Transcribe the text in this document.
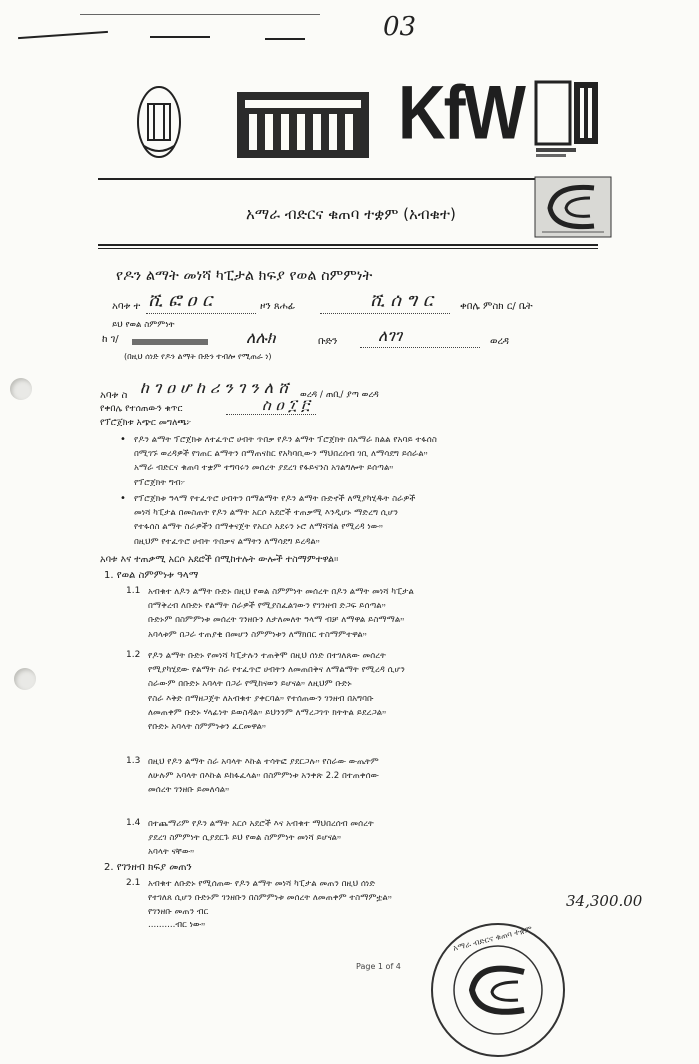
03
KfW
አማራ ብድርና ቁጠባ ተቋም (አብቁተ)
የዶን ልማት መነሻ ካፒታል ክፍያ የወል ስምምነት
አባቱ ተ ሺ ፎ ዐ ር	ዞን ጸሐፊ	ሺ ሰ ግ ር	ቀበሌ ምስክ ር/ ቤት
ይህ የወል ስምምነት
ከ ገ/	ለሉክ	ቡድን	ለገገ	ወረዳ
(በዚህ ሰነድ የዶን ልማት ቡድን ተብሎ የሚጠራ ነ)
አባቱ ስ ከ ገ ዐ ሆ ከ ሪ ን ገ ን ለ ሸ ወረዳ / ጠቢ/ ያጣ ወረዳ
የቀበሌ የተሰጠውን ቁጥር	ስ ዐ ፲ ፫
የፕሮጀክቱ አጭር መግለጫ፦
• የዶን ልማት ፕሮጀክቱ ለተፈጥሮ ሀብት ጥበቃ የዶን ልማት ፕሮጀክት በአማራ ክልል የአባይ ተፋሰስ
በሚገኙ ወረዳዎች የገጠር ልማትን በማጠናከር የአካባቢውን ማህበረሰብ ገቢ ለማሳደግ ይሰራል።
አማራ ብድርና ቁጠባ ተቋም ተግባሩን መሰረት ያደረገ የፋይናንስ አገልግሎት ይሰጣል።
የፕሮጀክት ግብ፦
• የፕሮጀክቱ ዓላማ የተፈጥሮ ሀብትን በማልማት የዶን ልማት ቡድኖች ለሚያካሂዱት ስራዎች
መነሻ ካፒታል በመስጠት የዶን ልማት አርሶ አደሮች ተጠቃሚ እንዲሆኑ ማድረግ ሲሆን
የተፋሰስ ልማት ስራዎችን በማቀናጀት የአርሶ አደሩን ኑሮ ለማሻሻል የሚረዳ ነው።
በዚህም የተፈጥሮ ሀብት ጥበቃና ልማትን ለማሳደግ ይረዳል።
አባቱ እና ተጠቃሚ አርሶ አደሮች በሚከተሉት ውሎች ተስማምተዋል።
1. የወል ስምምነቱ ዓላማ
1.1 አብቁተ ለዶን ልማት ቡድኑ በዚህ የወል ስምምነት መሰረት በዶን ልማት መነሻ ካፒታል
በማቅረብ ለቡድኑ የልማት ስራዎች የሚያስፈልገውን የገንዘብ ድጋፍ ይሰጣል።
ቡድኑም በስምምነቱ መሰረት ገንዘቡን ለታለመለት ዓላማ ብቻ ለማዋል ይስማማል።
አባላቱም በጋራ ተጠያቂ በመሆን ስምምነቱን ለማክበር ተስማምተዋል።
1.2 የዶን ልማት ቡድኑ የመነሻ ካፒታሉን ተጠቅሞ በዚህ ሰነድ በተገለጸው መሰረት
የሚያካሂደው የልማት ስራ የተፈጥሮ ሀብትን ለመጠበቅና ለማልማት የሚረዳ ሲሆን
ስራውም በቡድኑ አባላት በጋራ የሚከናወን ይሆናል። ለዚህም ቡድኑ
የስራ እቅድ በማዘጋጀት ለአብቁተ ያቀርባል። የተሰጠውን ገንዘብ በአግባቡ
ለመጠቀም ቡድኑ ሃላፊነት ይወስዳል። ይህንንም ለማረጋገጥ ክትትል ይደረጋል።
የቡድኑ አባላት ስምምነቱን ፈርመዋል።
1.3 በዚህ የዶን ልማት ስራ አባላት እኩል ተሳትፎ ያደርጋሉ። የስራው ውጤትም
ለሁሉም አባላት በእኩል ይከፋፈላል። በስምምነቱ አንቀጽ 2.2 በተጠቀሰው
መሰረት ገንዘቡ ይመለሳል።
1.4 በተጨማሪም የዶን ልማት አርሶ አደሮች እና አብቁተ ማህበረሰብ መሰረት
ያደረገ ስምምነት ሲያደርጉ ይህ የወል ስምምነት መነሻ ይሆናል።
አባላት ናቸው።
2. የገንዘብ ክፍያ መጠን
2.1 አብቁተ ለቡድኑ የሚሰጠው የዶን ልማት መነሻ ካፒታል መጠን በዚህ ሰነድ
የተገለጸ ሲሆን ቡድኑም ገንዘቡን በስምምነቱ መሰረት ለመጠቀም ተስማምቷል።
የገንዘቡ መጠን ብር
34,300.00
..........ብር ነው።
Page 1 of 4
አማራ ብድርና ቁጠባ ተቋም
